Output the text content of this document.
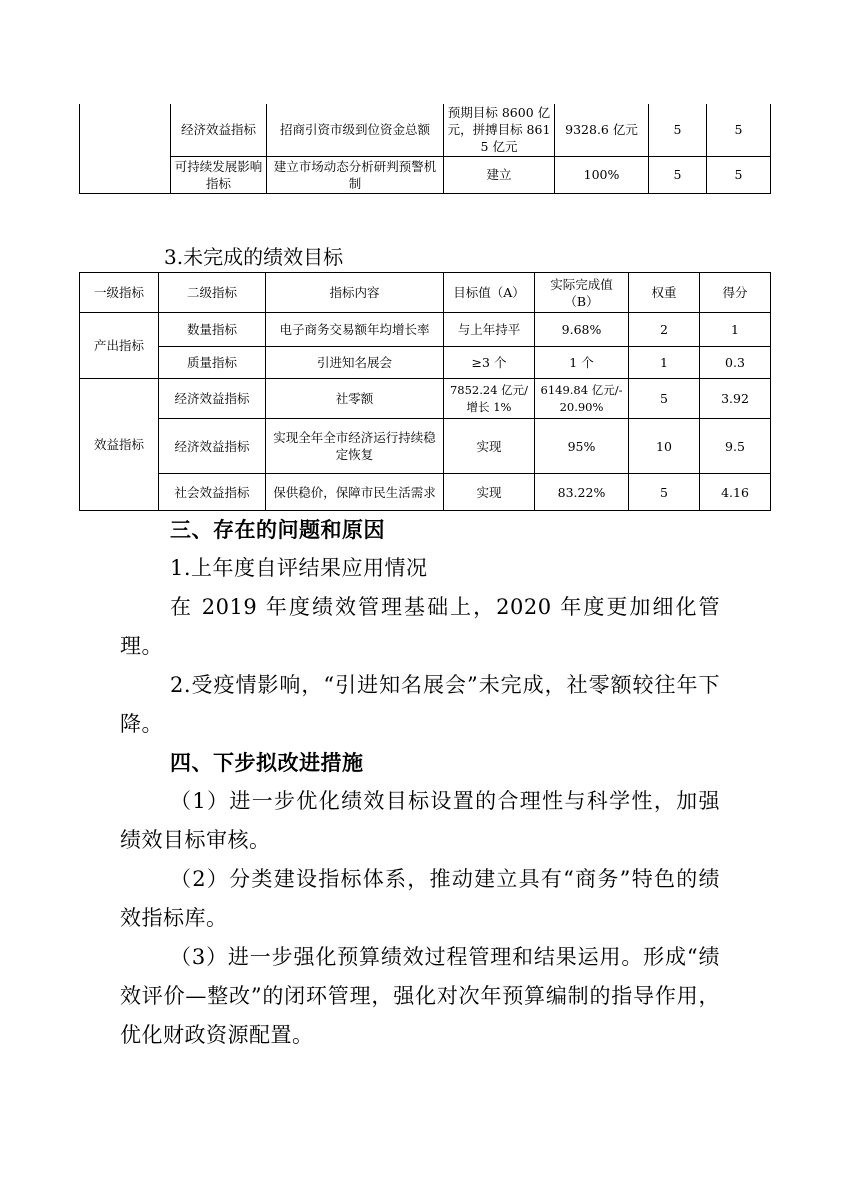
	经济效益指标	招商引资市级到位资金总额	预期目标 8600 亿元，拼搏目标 8615 亿元	9328.6 亿元	5	5
	可持续发展影响指标	建立市场动态分析研判预警机制	建立	100%	5	5
3.未完成的绩效目标
一级指标	二级指标	指标内容	目标值（A）	实际完成值（B）	权重	得分
产出指标	数量指标	电子商务交易额年均增长率	与上年持平	9.68%	2	1
	质量指标	引进知名展会	≥3 个	1 个	1	0.3
效益指标	经济效益指标	社零额	7852.24 亿元/增长 1%	6149.84 亿元/-20.90%	5	3.92
	经济效益指标	实现全年全市经济运行持续稳定恢复	实现	95%	10	9.5
	社会效益指标	保供稳价，保障市民生活需求	实现	83.22%	5	4.16
三、存在的问题和原因
1.上年度自评结果应用情况
在 2019 年度绩效管理基础上，2020 年度更加细化管理。
2.受疫情影响，“引进知名展会”未完成，社零额较往年下降。
四、下步拟改进措施
（1）进一步优化绩效目标设置的合理性与科学性，加强绩效目标审核。
（2）分类建设指标体系，推动建立具有“商务”特色的绩效指标库。
（3）进一步强化预算绩效过程管理和结果运用。形成“绩效评价—整改”的闭环管理，强化对次年预算编制的指导作用，优化财政资源配置。
